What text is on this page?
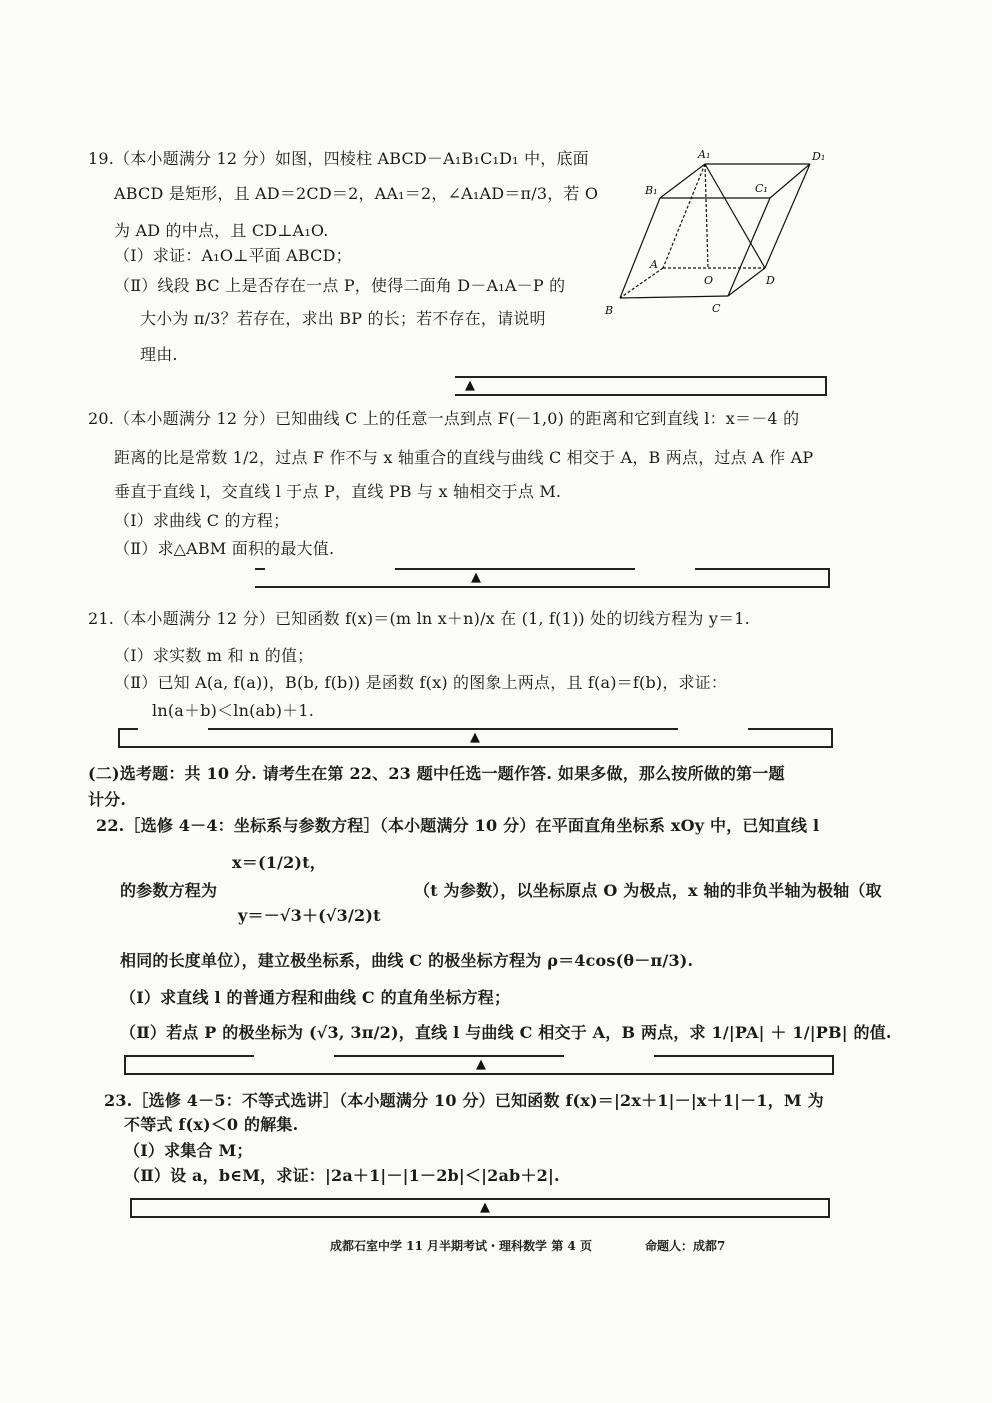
19.（本小题满分 12 分）如图，四棱柱 ABCD－A₁B₁C₁D₁ 中，底面
ABCD 是矩形，且 AD＝2CD＝2，AA₁＝2，∠A₁AD＝π/3，若 O
为 AD 的中点，且 CD⊥A₁O.
（Ⅰ）求证：A₁O⊥平面 ABCD；
（Ⅱ）线段 BC 上是否存在一点 P，使得二面角 D－A₁A－P 的
大小为 π/3？若存在，求出 BP 的长；若不存在，请说明
理由.
A₁	D₁
B₁	C₁
A
O	D
B	C
▲
20.（本小题满分 12 分）已知曲线 C 上的任意一点到点 F(－1,0) 的距离和它到直线 l：x＝－4 的
距离的比是常数 1/2，过点 F 作不与 x 轴重合的直线与曲线 C 相交于 A，B 两点，过点 A 作 AP
垂直于直线 l，交直线 l 于点 P，直线 PB 与 x 轴相交于点 M.
（Ⅰ）求曲线 C 的方程；
（Ⅱ）求△ABM 面积的最大值.
▲
21.（本小题满分 12 分）已知函数 f(x)＝(m ln x＋n)/x 在 (1, f(1)) 处的切线方程为 y＝1.
（Ⅰ）求实数 m 和 n 的值；
（Ⅱ）已知 A(a, f(a))，B(b, f(b)) 是函数 f(x) 的图象上两点，且 f(a)＝f(b)，求证：
ln(a＋b)＜ln(ab)＋1.
▲
(二)选考题：共 10 分. 请考生在第 22、23 题中任选一题作答. 如果多做，那么按所做的第一题
计分.
22.［选修 4－4：坐标系与参数方程］（本小题满分 10 分）在平面直角坐标系 xOy 中，已知直线 l
x＝(1/2)t，
的参数方程为
y＝－√3＋(√3/2)t
（t 为参数），以坐标原点 O 为极点，x 轴的非负半轴为极轴（取
相同的长度单位），建立极坐标系，曲线 C 的极坐标方程为 ρ＝4cos(θ－π/3).
（Ⅰ）求直线 l 的普通方程和曲线 C 的直角坐标方程；
（Ⅱ）若点 P 的极坐标为 (√3, 3π/2)，直线 l 与曲线 C 相交于 A，B 两点，求 1/|PA| ＋ 1/|PB| 的值.
▲
23.［选修 4－5：不等式选讲］（本小题满分 10 分）已知函数 f(x)＝|2x＋1|－|x＋1|－1，M 为
不等式 f(x)＜0 的解集.
（Ⅰ）求集合 M；
（Ⅱ）设 a，b∈M，求证：|2a＋1|－|1－2b|＜|2ab＋2|.
▲
成都石室中学 11 月半期考试・理科数学 第 4 页	命题人：成都7
